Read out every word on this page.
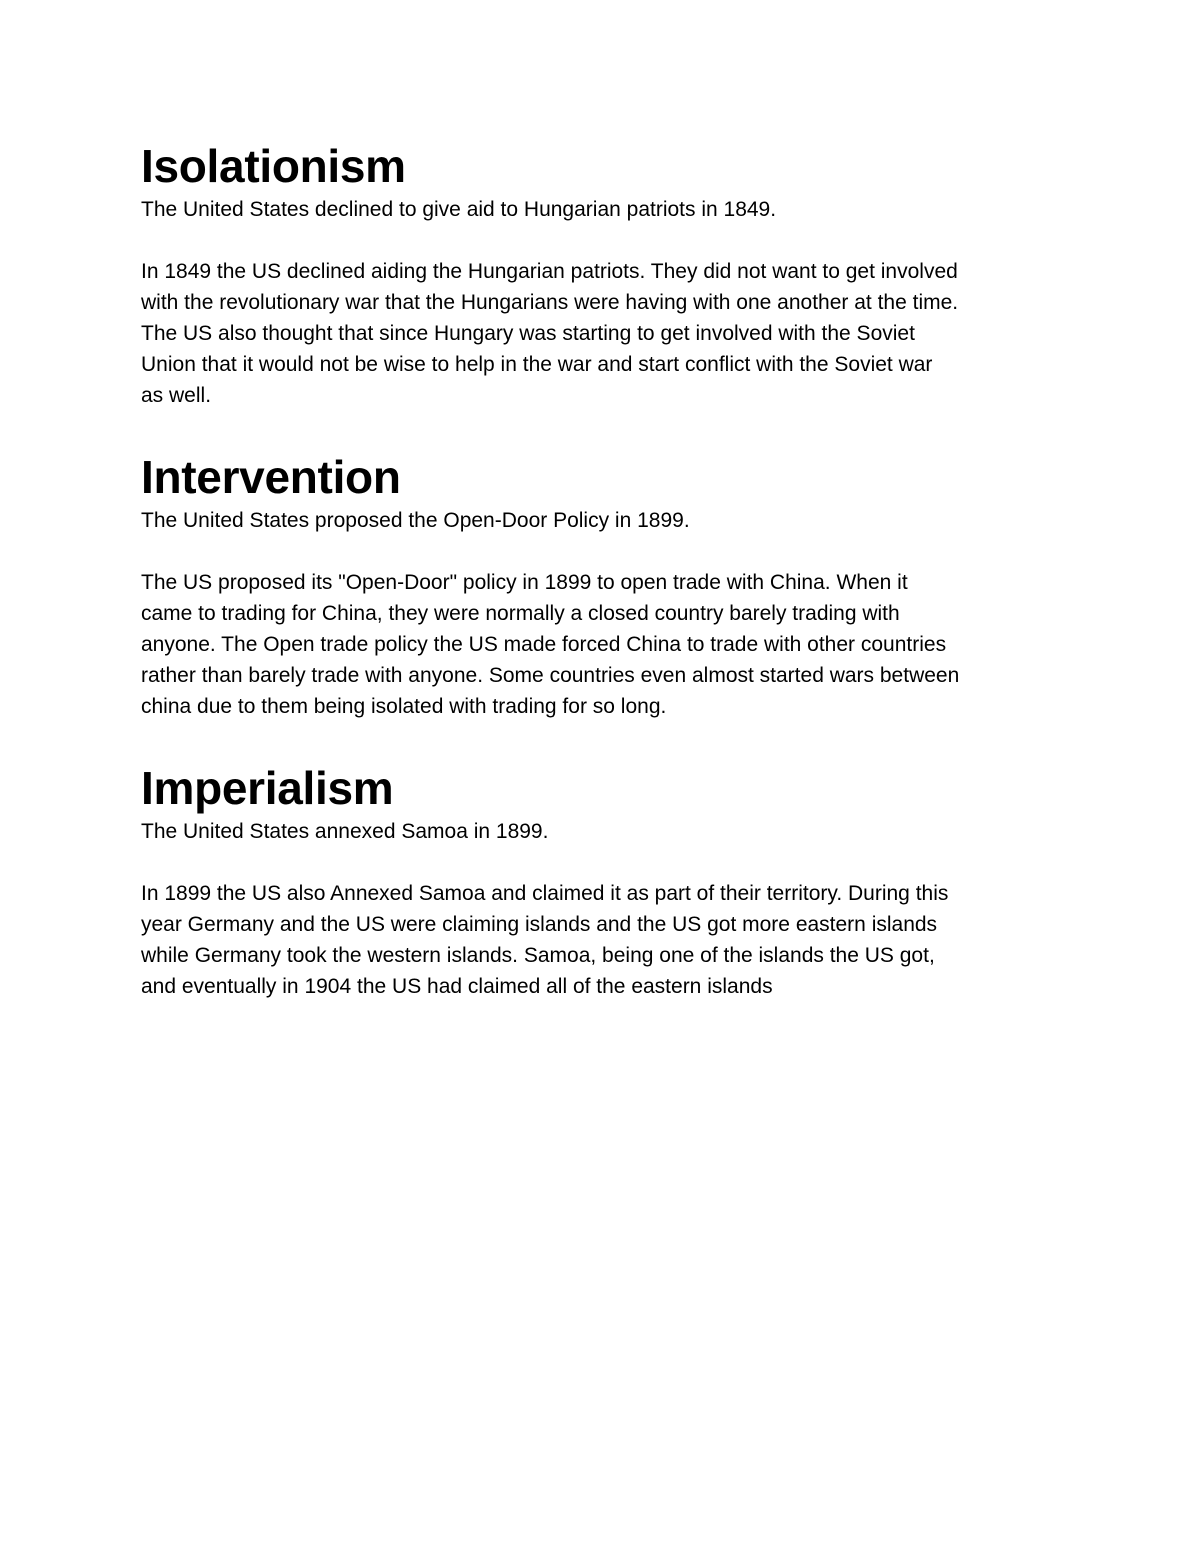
Isolationism

The United States declined to give aid to Hungarian patriots in 1849.

In 1849 the US declined aiding the Hungarian patriots. They did not want to get involved

with the revolutionary war that the Hungarians were having with one another at the time.

The US also thought that since Hungary was starting to get involved with the Soviet

Union that it would not be wise to help in the war and start conflict with the Soviet war

as well.

Intervention

The United States proposed the Open-Door Policy in 1899.

The US proposed its "Open-Door" policy in 1899 to open trade with China. When it

came to trading for China, they were normally a closed country barely trading with

anyone. The Open trade policy the US made forced China to trade with other countries

rather than barely trade with anyone. Some countries even almost started wars between

china due to them being isolated with trading for so long.

Imperialism

The United States annexed Samoa in 1899.

In 1899 the US also Annexed Samoa and claimed it as part of their territory. During this

year Germany and the US were claiming islands and the US got more eastern islands

while Germany took the western islands. Samoa, being one of the islands the US got,

and eventually in 1904 the US had claimed all of the eastern islands
